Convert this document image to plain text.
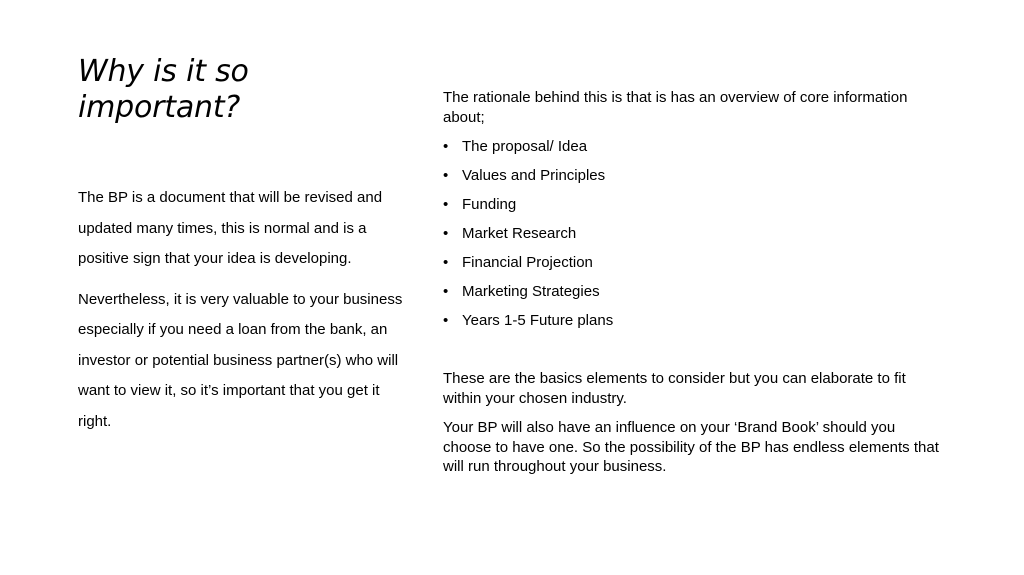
Why is it so
important?

The BP is a document that will be revised and updated many times, this is normal and is a positive sign that your idea is developing.

Nevertheless, it is very valuable to your business especially if you need a loan from the bank, an investor or potential business partner(s) who will want to view it, so it’s important that you get it right.

The rationale behind this is that is has an overview of core information about;

• The proposal/ Idea
• Values and Principles
• Funding
• Market Research
• Financial Projection
• Marketing Strategies
• Years 1-5 Future plans

These are the basics elements to consider but you can elaborate to fit within your chosen industry.

Your BP will also have an influence on your ‘Brand Book’ should you choose to have one. So the possibility of the BP has endless elements that will run throughout your business.
